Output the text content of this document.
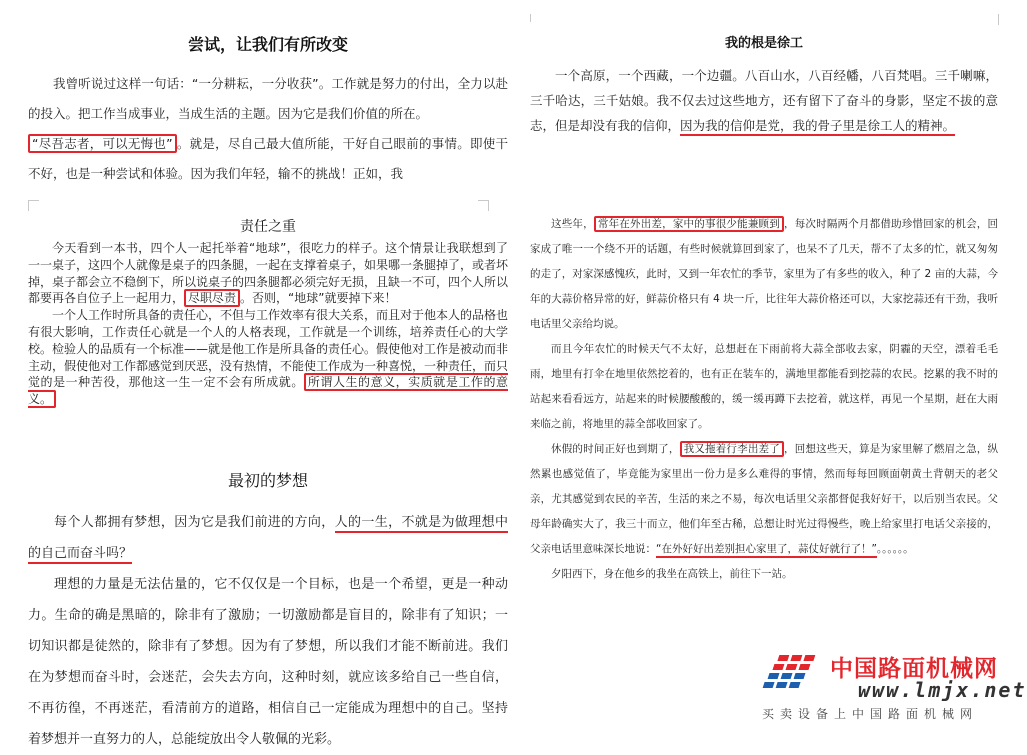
尝试，让我们有所改变

我曾听说过这样一句话：“一分耕耘，一分收获”。工作就是努力的付出，全力以赴的投入。把工作当成事业，当成生活的主题。因为它是我们价值的所在。

“尽吾志者，可以无悔也” 。就是，尽自己最大值所能，干好自己眼前的事情。即使干不好，也是一种尝试和体验。因为我们年轻，输不的挑战！正如，我

责任之重

今天看到一本书，四个人一起托举着“地球”，很吃力的样子。这个情景让我联想到了一一桌子，这四个人就像是桌子的四条腿，一起在支撑着桌子，如果哪一条腿掉了，或者坏掉，桌子都会立不稳倒下，所以说桌子的四条腿都必须完好无损，且缺一不可，四个人所以都要再各自位子上一起用力， 尽职尽责 。否则，“地球”就要掉下来！

一个人工作时所具备的责任心，不但与工作效率有很大关系，而且对于他本人的品格也有很大影响，工作责任心就是一个人的人格表现，工作就是一个训练，培养责任心的大学校。检验人的品质有一个标准——就是他工作是所具备的责任心。假使他对工作是被动而非主动，假使他对工作都感觉到厌恶，没有热情，不能使工作成为一种喜悦，一种责任，而只觉的是一种苦役，那他这一生一定不会有所成就。 所谓人生的意义，实质就是工作的意义。

最初的梦想

每个人都拥有梦想，因为它是我们前进的方向，人的一生，不就是为做理想中的自己而奋斗吗？

理想的力量是无法估量的，它不仅仅是一个目标，也是一个希望，更是一种动力。生命的确是黑暗的，除非有了激励；一切激励都是盲目的，除非有了知识；一切知识都是徒然的，除非有了梦想。因为有了梦想，所以我们才能不断前进。我们在为梦想而奋斗时，会迷茫，会失去方向，这种时刻，就应该多给自己一些自信，不再彷徨，不再迷茫，看清前方的道路，相信自己一定能成为理想中的自己。坚持着梦想并一直努力的人，总能绽放出令人敬佩的光彩。

我的根是徐工

一个高原，一个西藏，一个边疆。八百山水，八百经幡，八百梵唱。三千喇嘛，三千哈达，三千姑娘。我不仅去过这些地方，还有留下了奋斗的身影，坚定不拔的意志，但是却没有我的信仰，因为我的信仰是党，我的骨子里是徐工人的精神。

这些年， 常年在外出差，家中的事很少能兼顾到 ，每次时隔两个月都借助珍惜回家的机会，回家成了唯一一个绕不开的话题，有些时候就算回到家了，也呆不了几天，帮不了太多的忙，就又匆匆的走了，对家深感愧疚，此时，又到一年农忙的季节，家里为了有多些的收入，种了 2 亩的大蒜，今年的大蒜价格异常的好，鲜蒜价格只有 4 块一斤，比往年大蒜价格还可以，大家挖蒜还有干劲，我听电话里父亲给均说。

而且今年农忙的时候天气不太好，总想赶在下雨前将大蒜全部收去家，阴霾的天空，漂着毛毛雨，地里有打伞在地里依然挖着的，也有正在装车的，满地里都能看到挖蒜的农民。挖累的我不时的站起来看看远方，站起来的时候腰酸酸的，缓一缓再蹲下去挖着，就这样，再见一个星期，赶在大雨来临之前，将地里的蒜全部收回家了。

休假的时间正好也到期了， 我又拖着行李出差了 ，回想这些天，算是为家里解了燃眉之急，纵然累也感觉值了，毕竟能为家里出一份力是多么难得的事情，然而每每回顾面朝黄土背朝天的老父亲，尤其感觉到农民的辛苦，生活的来之不易，每次电话里父亲都督促我好好干，以后别当农民。父母年龄确实大了，我三十而立，他们年至古稀，总想让时光过得慢些，晚上给家里打电话父亲接的，父亲电话里意味深长地说：“在外好好出差别担心家里了，蒜仗好就行了！”。。。。。。

夕阳西下，身在他乡的我坐在高铁上，前往下一站。

中国路面机械网
www.lmjx.net
买卖设备上中国路面机械网
